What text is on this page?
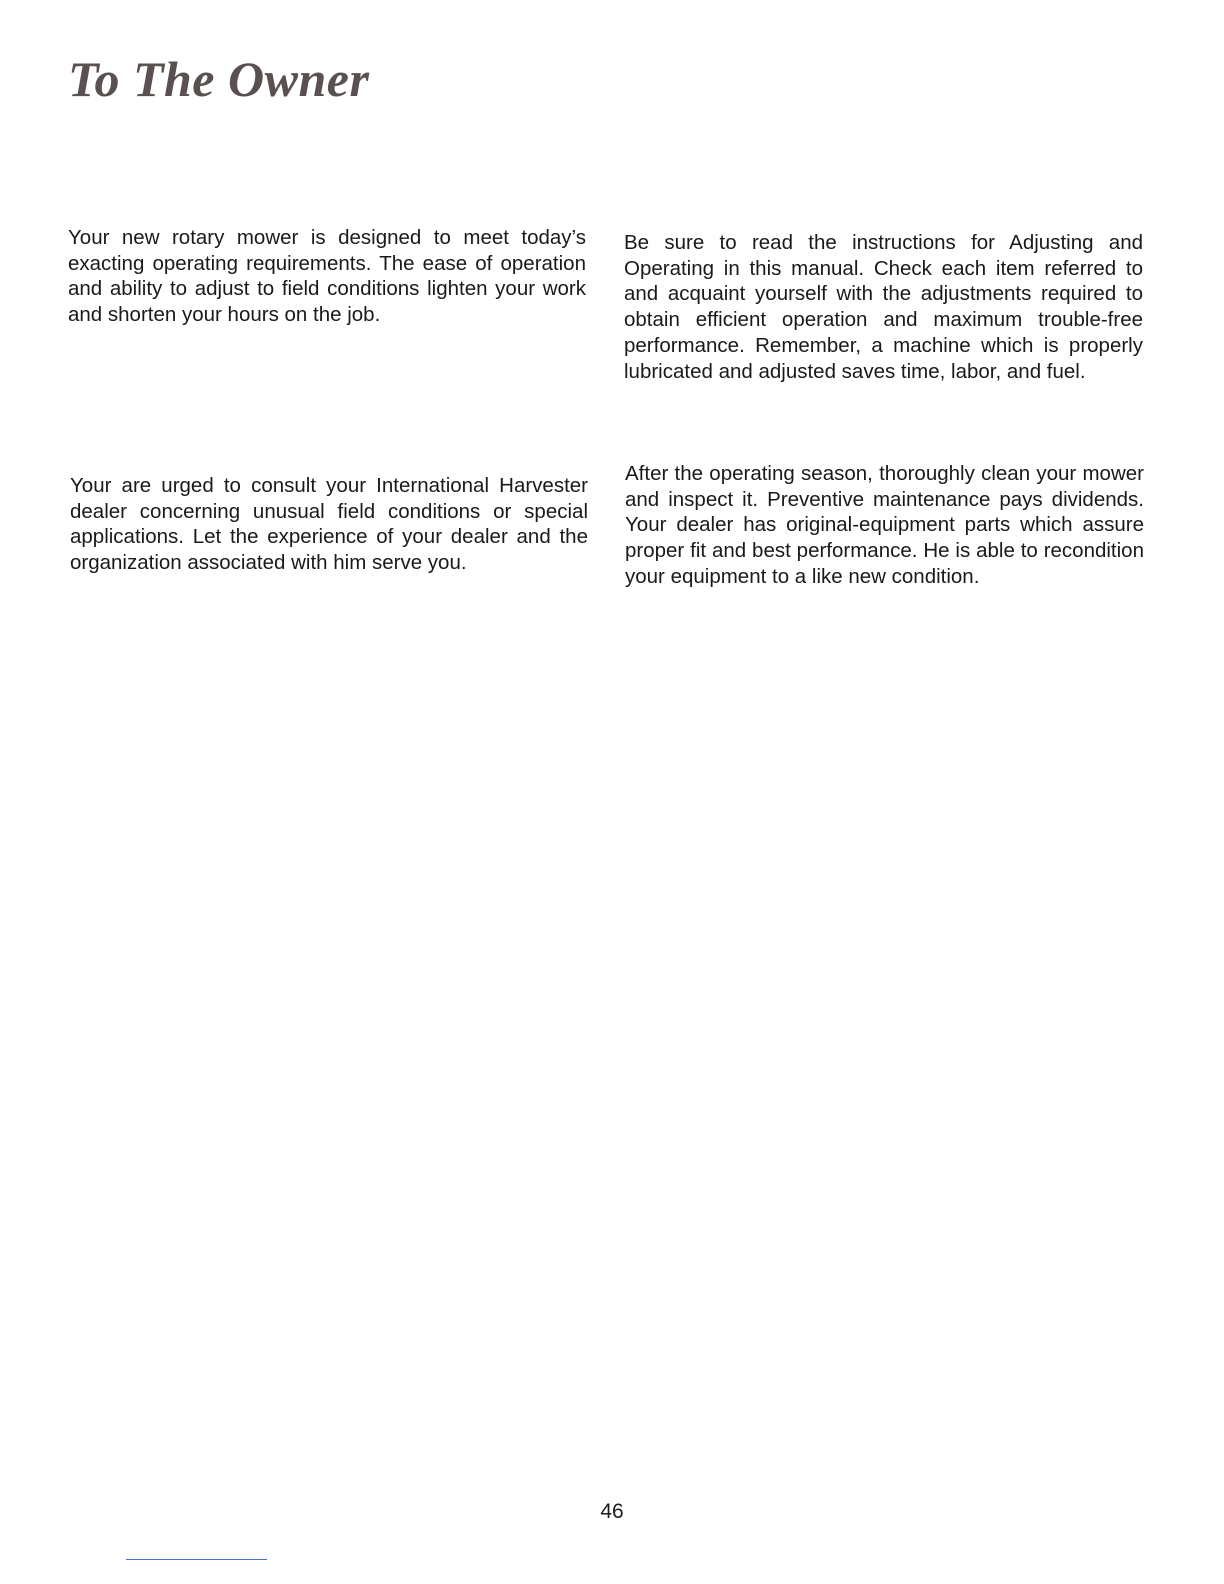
To The Owner

Your new rotary mower is designed to meet today’s exacting operating requirements. The ease of operation and ability to adjust to field conditions lighten your work and shorten your hours on the job.

Be sure to read the instructions for Adjusting and Operating in this manual. Check each item referred to and acquaint yourself with the adjustments required to obtain efficient operation and maximum trouble-free performance. Remember, a machine which is properly lubricated and adjusted saves time, labor, and fuel.

Your are urged to consult your International Harvester dealer concerning unusual field conditions or special applications. Let the experience of your dealer and the organization associated with him serve you.

After the operating season, thoroughly clean your mower and inspect it. Preventive maintenance pays dividends. Your dealer has original-equipment parts which assure proper fit and best performance. He is able to recondition your equipment to a like new condition.

46
